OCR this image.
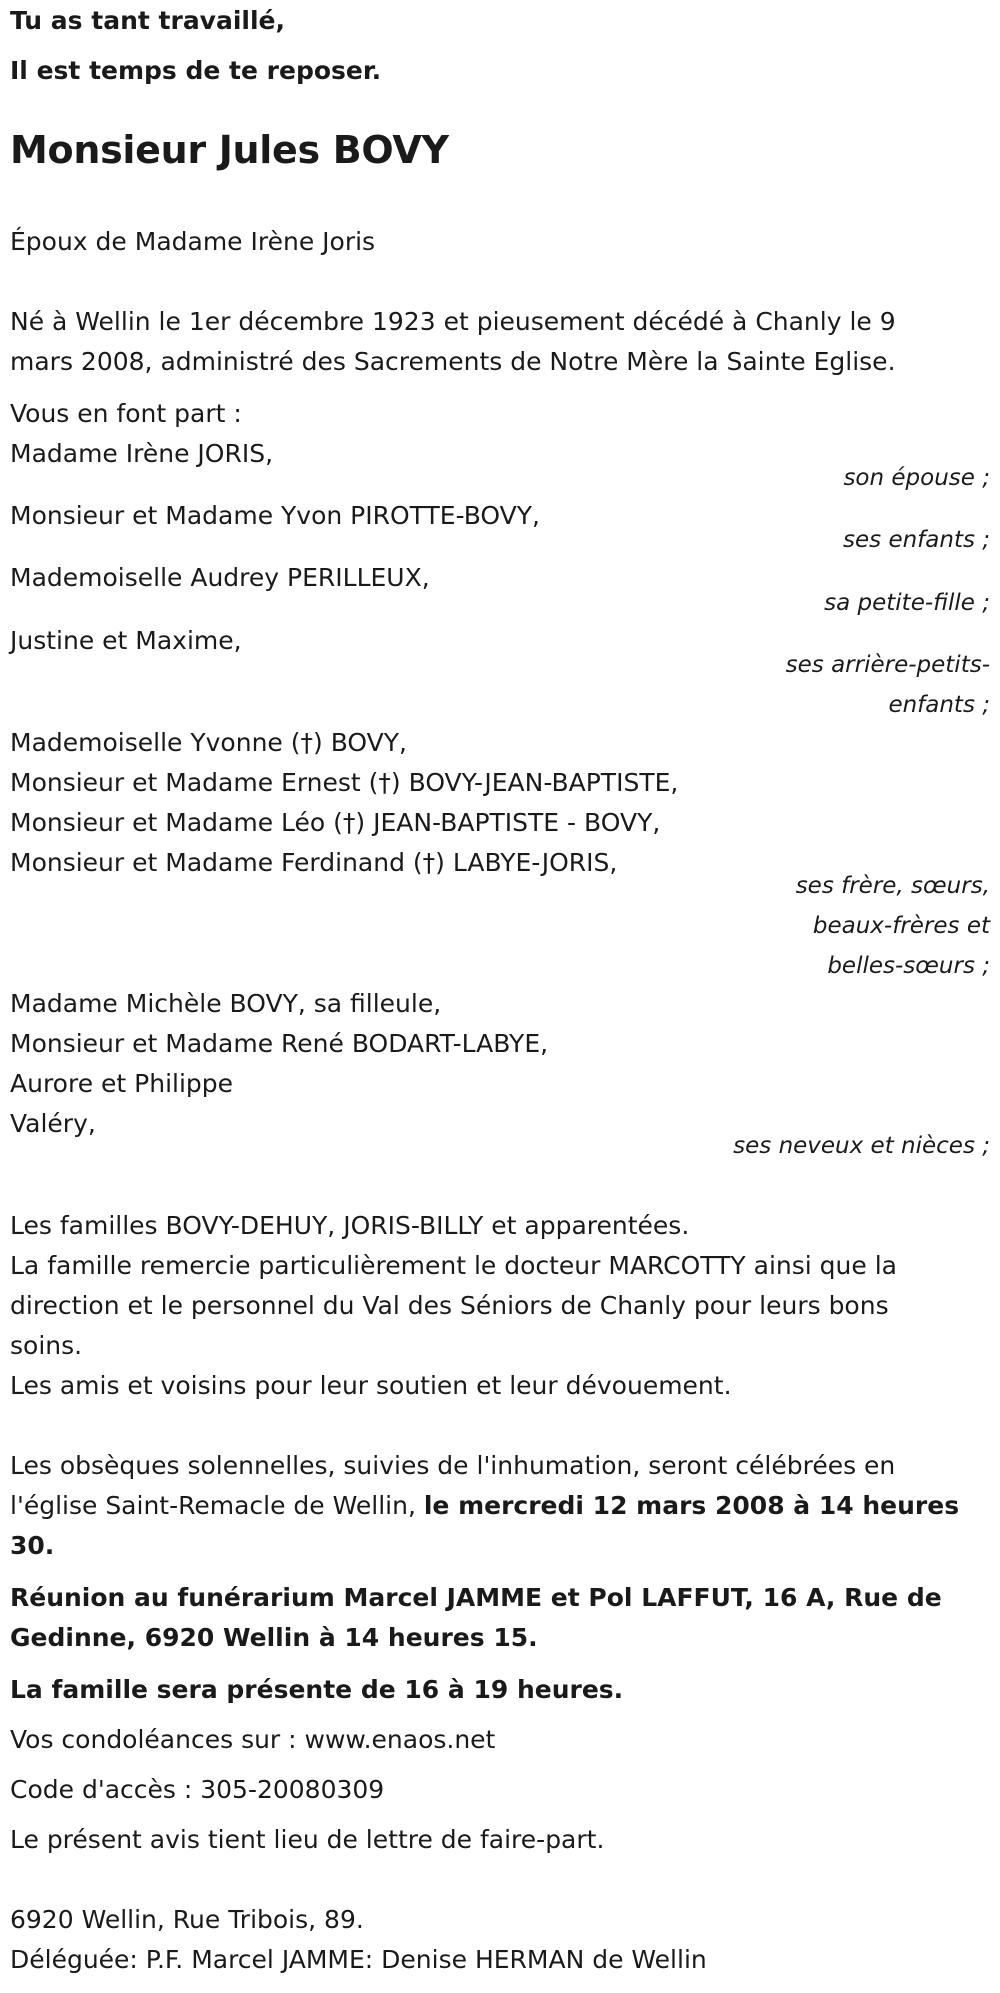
Tu as tant travaillé,
Il est temps de te reposer.
Monsieur Jules BOVY
Époux de Madame Irène Joris
Né à Wellin le 1er décembre 1923 et pieusement décédé à Chanly le 9
mars 2008, administré des Sacrements de Notre Mère la Sainte Eglise.
Vous en font part :
Madame Irène JORIS,
son épouse ;
Monsieur et Madame Yvon PIROTTE-BOVY,
ses enfants ;
Mademoiselle Audrey PERILLEUX,
sa petite-fille ;
Justine et Maxime,
ses arrière-petits-enfants ;
Mademoiselle Yvonne (†) BOVY,
Monsieur et Madame Ernest (†) BOVY-JEAN-BAPTISTE,
Monsieur et Madame Léo (†) JEAN-BAPTISTE - BOVY,
Monsieur et Madame Ferdinand (†) LABYE-JORIS,
ses frère, sœurs, beaux-frères et belles-sœurs ;
Madame Michèle BOVY, sa filleule,
Monsieur et Madame René BODART-LABYE,
Aurore et Philippe
Valéry,
ses neveux et nièces ;
Les familles BOVY-DEHUY, JORIS-BILLY et apparentées.
La famille remercie particulièrement le docteur MARCOTTY ainsi que la
direction et le personnel du Val des Séniors de Chanly pour leurs bons
soins.
Les amis et voisins pour leur soutien et leur dévouement.
Les obsèques solennelles, suivies de l'inhumation, seront célébrées en
l'église Saint-Remacle de Wellin, le mercredi 12 mars 2008 à 14 heures
30.
Réunion au funérarium Marcel JAMME et Pol LAFFUT, 16 A, Rue de
Gedinne, 6920 Wellin à 14 heures 15.
La famille sera présente de 16 à 19 heures.
Vos condoléances sur : www.enaos.net
Code d'accès : 305-20080309
Le présent avis tient lieu de lettre de faire-part.
6920 Wellin, Rue Tribois, 89.
Déléguée: P.F. Marcel JAMME: Denise HERMAN de Wellin
